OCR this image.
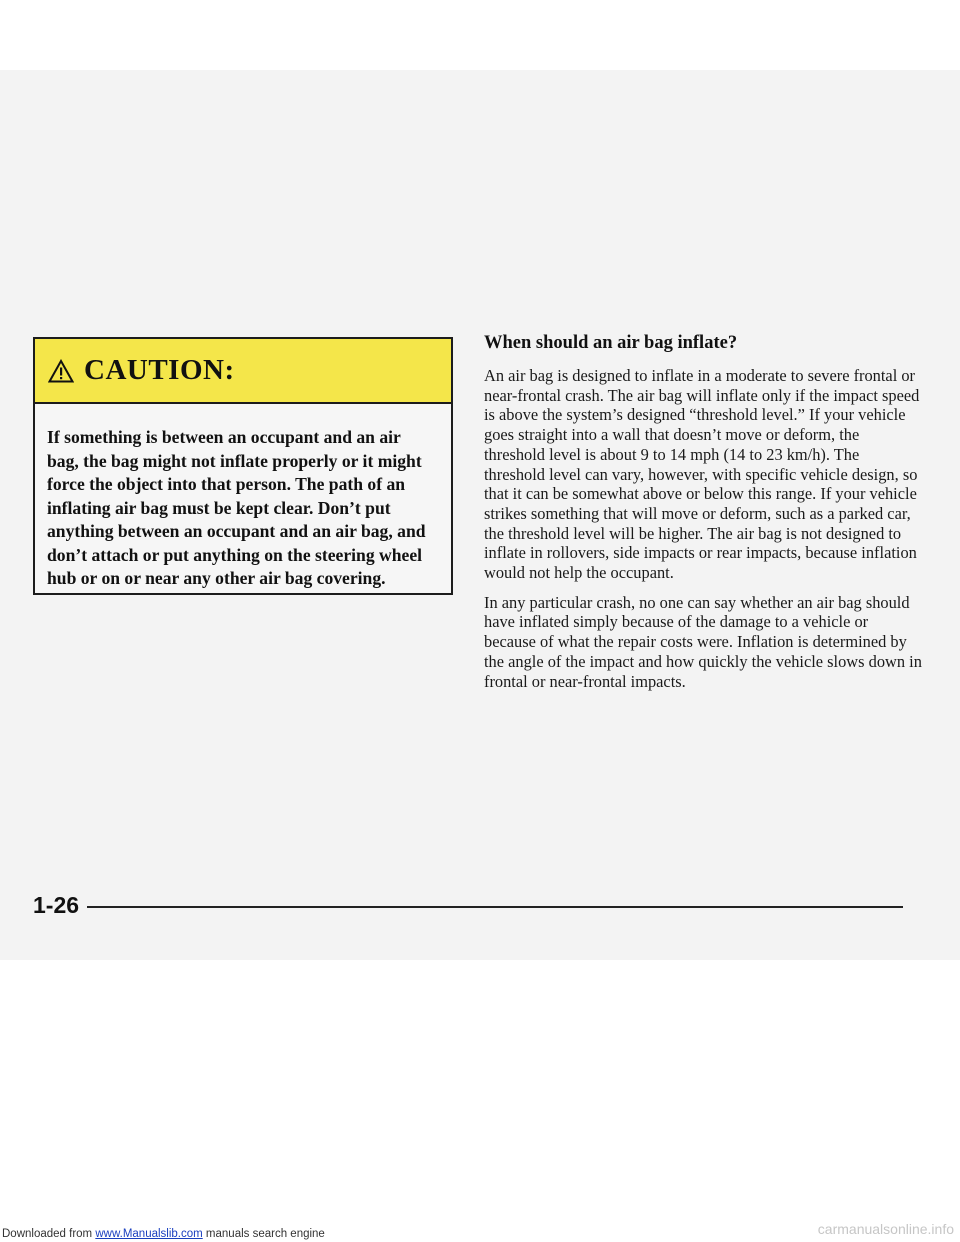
CAUTION:
If something is between an occupant and an air bag, the bag might not inflate properly or it might force the object into that person. The path of an inflating air bag must be kept clear. Don’t put anything between an occupant and an air bag, and don’t attach or put anything on the steering wheel hub or on or near any other air bag covering.
When should an air bag inflate?

An air bag is designed to inflate in a moderate to severe frontal or near-frontal crash. The air bag will inflate only if the impact speed is above the system’s designed “threshold level.” If your vehicle goes straight into a wall that doesn’t move or deform, the threshold level is about 9 to 14 mph (14 to 23 km/h). The threshold level can vary, however, with specific vehicle design, so that it can be somewhat above or below this range. If your vehicle strikes something that will move or deform, such as a parked car, the threshold level will be higher. The air bag is not designed to inflate in rollovers, side impacts or rear impacts, because inflation would not help the occupant.

In any particular crash, no one can say whether an air bag should have inflated simply because of the damage to a vehicle or because of what the repair costs were. Inflation is determined by the angle of the impact and how quickly the vehicle slows down in frontal or near-frontal impacts.

1-26
Downloaded from www.Manualslib.com manuals search engine	carmanualsonline.info
